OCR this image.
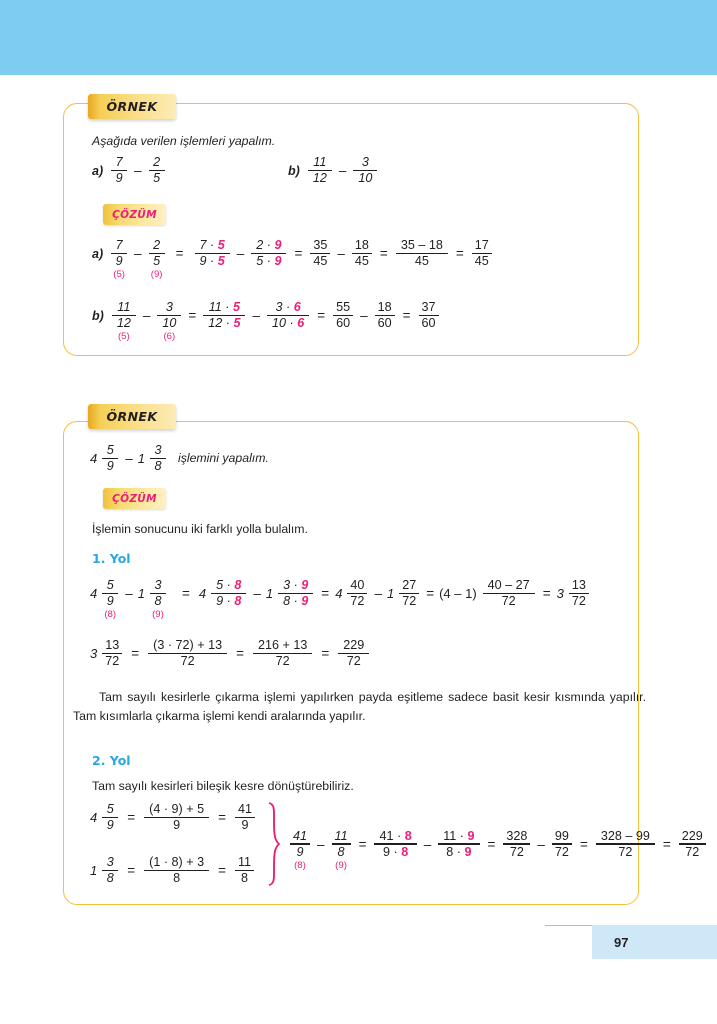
ÖRNEK
Aşağıda verilen işlemleri yapalım.
$a) \frac{7}{9} - \frac{2}{5}$	$b) \frac{11}{12} - \frac{3}{10}$
ÇÖZÜM
a)
7
9
(5)
–
2
5
(9)
= $\frac{7 \cdot 5}{9 \cdot 5} - \frac{2 \cdot 9}{5 \cdot 9} = \frac{35}{45} - \frac{18}{45} = \frac{35 - 18}{45} = \frac{17}{45}$
b)
11
12
(5)
–
3
10
(6)
= $\frac{11 \cdot 5}{12 \cdot 5} - \frac{3 \cdot 6}{10 \cdot 6} = \frac{55}{60} - \frac{18}{60} = \frac{37}{60}$
ÖRNEK
$4 \frac{5}{9} - 1 \frac{3}{8}$ işlemini yapalım.
ÇÖZÜM
İşlemin sonucunu iki farklı yolla bulalım.
1. Yol
4
5
9
(8)
– 1
3
8
(9)
= $4 \frac{5 \cdot 8}{9 \cdot 8} - 1 \frac{3 \cdot 9}{8 \cdot 9} = 4 \frac{40}{72} - 1 \frac{27}{72} = (4 - 1) \frac{40 - 27}{72} = 3 \frac{13}{72}$
$3 \frac{13}{72} = \frac{(3 \cdot 72) + 13}{72} = \frac{216 + 13}{72} = \frac{229}{72}$
Tam sayılı kesirlerle çıkarma işlemi yapılırken payda eşitleme sadece basit kesir kısmında yapılır. Tam kısımlarla çıkarma işlemi kendi aralarında yapılır.
2. Yol
Tam sayılı kesirleri bileşik kesre dönüştürebiliriz.
$4 \frac{5}{9} = \frac{(4 \cdot 9) + 5}{9} = \frac{41}{9}$
$1 \frac{3}{8} = \frac{(1 \cdot 8) + 3}{8} = \frac{11}{8}$
41
9
(8)
–
11
8
(9)
= $\frac{41 \cdot 8}{9 \cdot 8} - \frac{11 \cdot 9}{8 \cdot 9} = \frac{328}{72} - \frac{99}{72} = \frac{328 - 99}{72} = \frac{229}{72}$
97
